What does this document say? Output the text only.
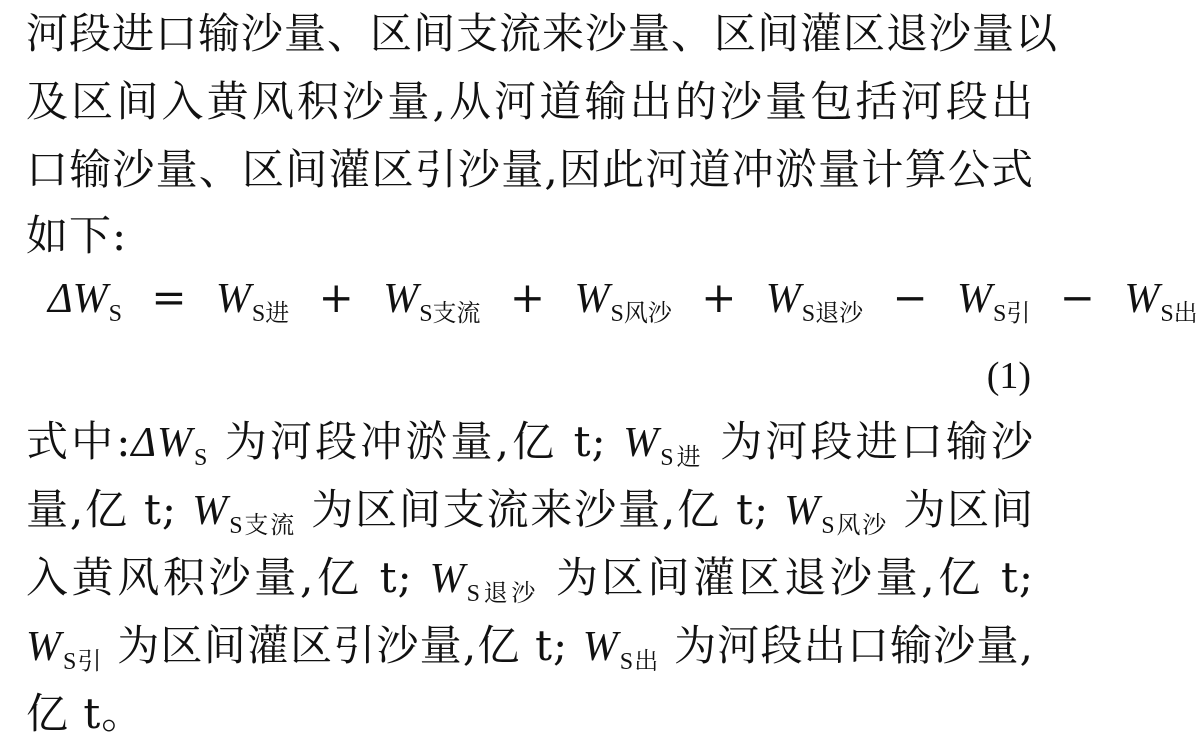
河段进口输沙量、区间支流来沙量、区间灌区退沙量以
及区间入黄风积沙量,从河道输出的沙量包括河段出
口输沙量、区间灌区引沙量,因此河道冲淤量计算公式
如下:
$\Delta W_S = W_{S进} + W_{S支流} + W_{S风沙} + W_{S退沙} - W_{S引} - W_{S出}$
(1)
式中$:\Delta W_S$ 为河段冲淤量,亿 t; $W_{S进}$ 为河段进口输沙
量,亿 t; $W_{S支流}$ 为区间支流来沙量,亿 t; $W_{S风沙}$ 为区间
入黄风积沙量,亿 t; $W_{S退沙}$ 为区间灌区退沙量,亿 t;
$W_{S引}$ 为区间灌区引沙量,亿 t; $W_{S出}$ 为河段出口输沙量,
亿 t。
